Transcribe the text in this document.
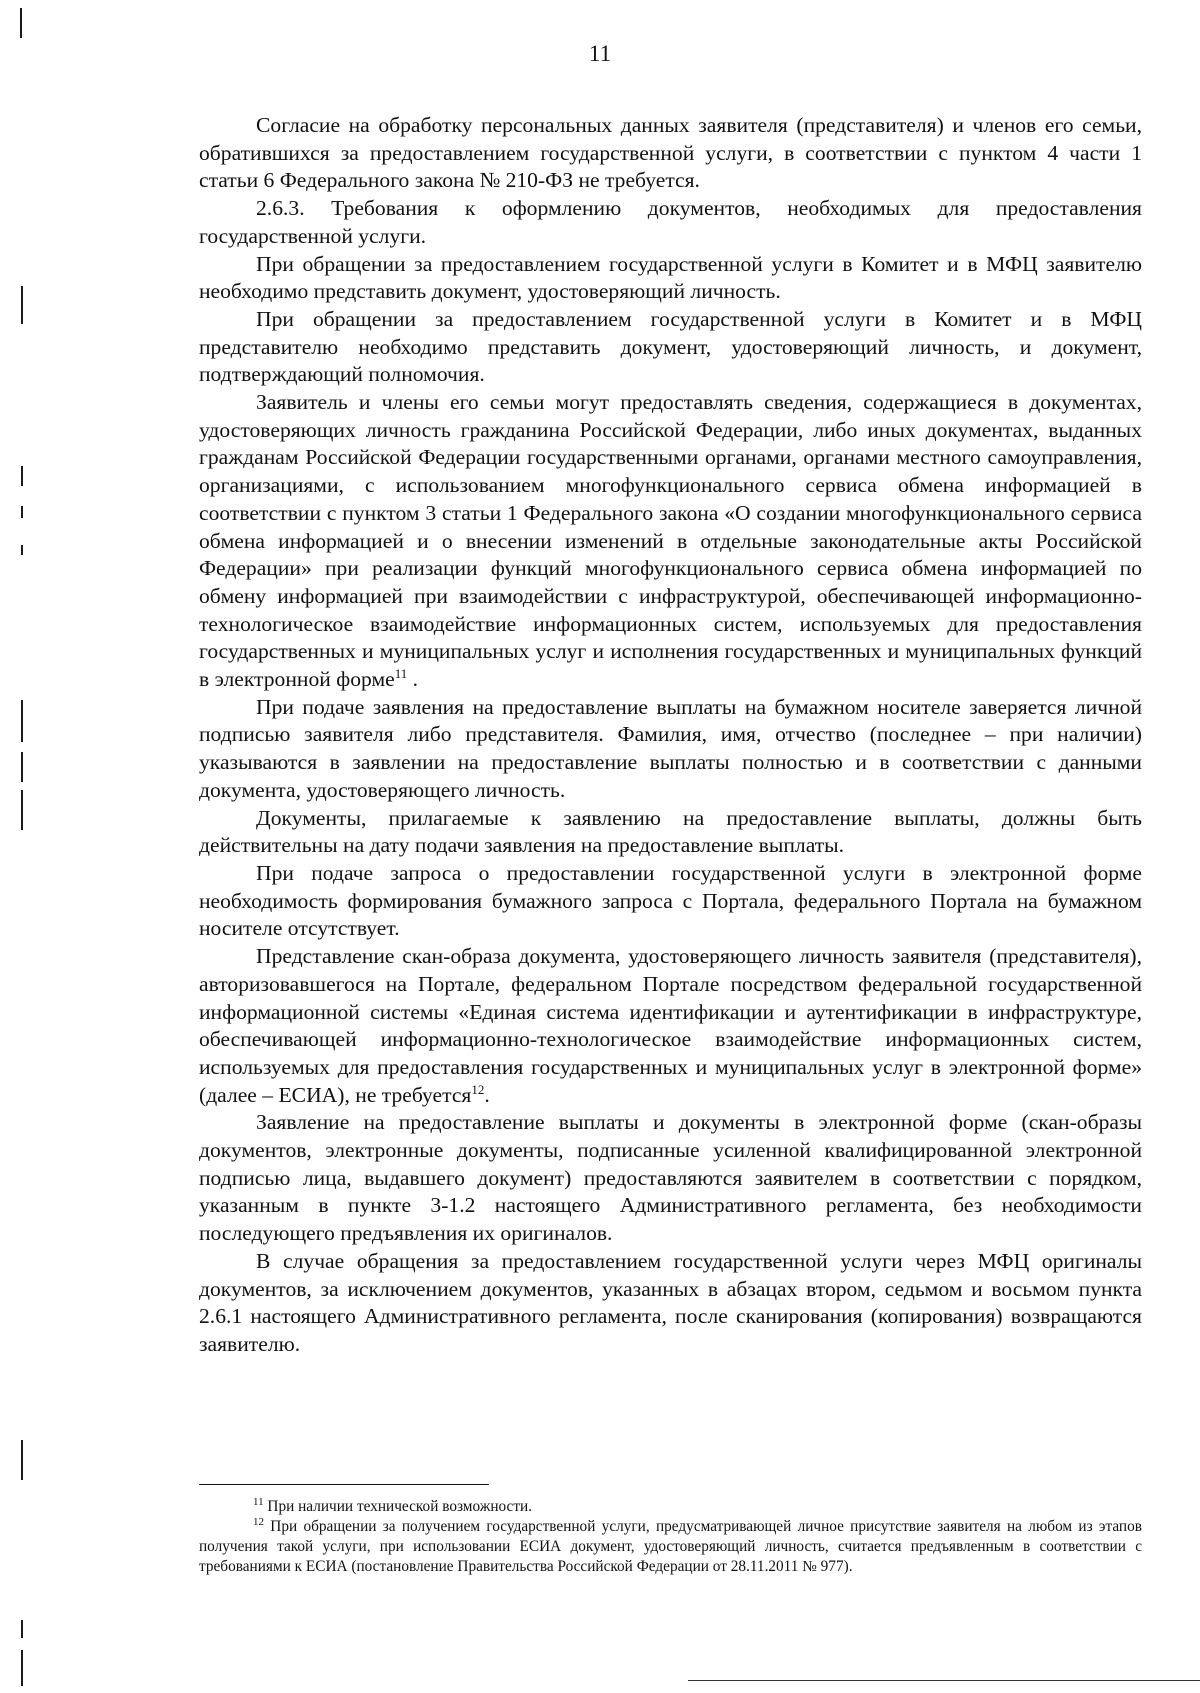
11

Согласие на обработку персональных данных заявителя (представителя) и членов его семьи, обратившихся за предоставлением государственной услуги, в соответствии с пунктом 4 части 1 статьи 6 Федерального закона № 210-ФЗ не требуется.

2.6.3. Требования к оформлению документов, необходимых для предоставления государственной услуги.

При обращении за предоставлением государственной услуги в Комитет и в МФЦ заявителю необходимо представить документ, удостоверяющий личность.

При обращении за предоставлением государственной услуги в Комитет и в МФЦ представителю необходимо представить документ, удостоверяющий личность, и документ, подтверждающий полномочия.

Заявитель и члены его семьи могут предоставлять сведения, содержащиеся в документах, удостоверяющих личность гражданина Российской Федерации, либо иных документах, выданных гражданам Российской Федерации государственными органами, органами местного самоуправления, организациями, с использованием многофункционального сервиса обмена информацией в соответствии с пунктом 3 статьи 1 Федерального закона «О создании многофункционального сервиса обмена информацией и о внесении изменений в отдельные законодательные акты Российской Федерации» при реализации функций многофункционального сервиса обмена информацией по обмену информацией при взаимодействии с инфраструктурой, обеспечивающей информационно-технологическое взаимодействие информационных систем, используемых для предоставления государственных и муниципальных услуг и исполнения государственных и муниципальных функций в электронной форме$^{11}$ .

При подаче заявления на предоставление выплаты на бумажном носителе заверяется личной подписью заявителя либо представителя. Фамилия, имя, отчество (последнее – при наличии) указываются в заявлении на предоставление выплаты полностью и в соответствии с данными документа, удостоверяющего личность.

Документы, прилагаемые к заявлению на предоставление выплаты, должны быть действительны на дату подачи заявления на предоставление выплаты.

При подаче запроса о предоставлении государственной услуги в электронной форме необходимость формирования бумажного запроса с Портала, федерального Портала на бумажном носителе отсутствует.

Представление скан-образа документа, удостоверяющего личность заявителя (представителя), авторизовавшегося на Портале, федеральном Портале посредством федеральной государственной информационной системы «Единая система идентификации и аутентификации в инфраструктуре, обеспечивающей информационно-технологическое взаимодействие информационных систем, используемых для предоставления государственных и муниципальных услуг в электронной форме» (далее – ЕСИА), не требуется$^{12}$.

Заявление на предоставление выплаты и документы в электронной форме (скан-образы документов, электронные документы, подписанные усиленной квалифицированной электронной подписью лица, выдавшего документ) предоставляются заявителем в соответствии с порядком, указанным в пункте 3-1.2 настоящего Административного регламента, без необходимости последующего предъявления их оригиналов.

В случае обращения за предоставлением государственной услуги через МФЦ оригиналы документов, за исключением документов, указанных в абзацах втором, седьмом и восьмом пункта 2.6.1 настоящего Административного регламента, после сканирования (копирования) возвращаются заявителю.

$^{11}$ При наличии технической возможности.

$^{12}$ При обращении за получением государственной услуги, предусматривающей личное присутствие заявителя на любом из этапов получения такой услуги, при использовании ЕСИА документ, удостоверяющий личность, считается предъявленным в соответствии с требованиями к ЕСИА (постановление Правительства Российской Федерации от 28.11.2011 № 977).
